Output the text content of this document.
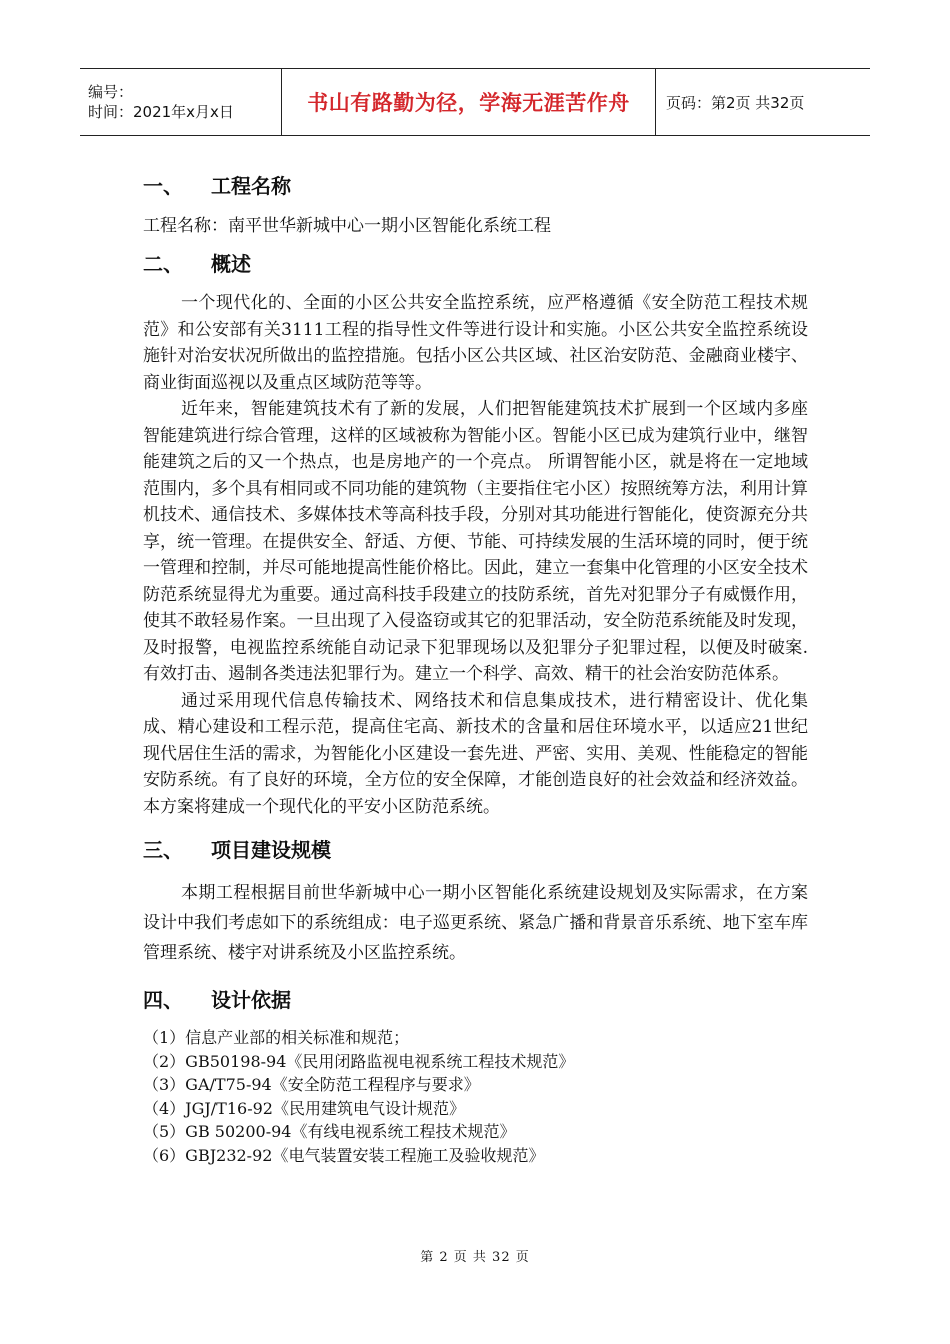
编号：
时间：2021年x月x日	书山有路勤为径，学海无涯苦作舟	页码：第2页 共32页
一、	工程名称

工程名称：南平世华新城中心一期小区智能化系统工程

二、	概述

一个现代化的、全面的小区公共安全监控系统，应严格遵循《安全防范工程技术规范》和公安部有关3111工程的指导性文件等进行设计和实施。小区公共安全监控系统设施针对治安状况所做出的监控措施。包括小区公共区域、社区治安防范、金融商业楼宇、商业街面巡视以及重点区域防范等等。

近年来，智能建筑技术有了新的发展，人们把智能建筑技术扩展到一个区域内多座智能建筑进行综合管理，这样的区域被称为智能小区。智能小区已成为建筑行业中，继智能建筑之后的又一个热点，也是房地产的一个亮点。 所谓智能小区，就是将在一定地域范围内，多个具有相同或不同功能的建筑物（主要指住宅小区）按照统筹方法，利用计算机技术、通信技术、多媒体技术等高科技手段，分别对其功能进行智能化，使资源充分共享，统一管理。在提供安全、舒适、方便、节能、可持续发展的生活环境的同时，便于统一管理和控制，并尽可能地提高性能价格比。因此，建立一套集中化管理的小区安全技术防范系统显得尤为重要。通过高科技手段建立的技防系统，首先对犯罪分子有威慑作用，使其不敢轻易作案。一旦出现了入侵盗窃或其它的犯罪活动，安全防范系统能及时发现，及时报警，电视监控系统能自动记录下犯罪现场以及犯罪分子犯罪过程，以便及时破案.有效打击、遏制各类违法犯罪行为。建立一个科学、高效、精干的社会治安防范体系。

通过采用现代信息传输技术、网络技术和信息集成技术，进行精密设计、优化集成、精心建设和工程示范，提高住宅高、新技术的含量和居住环境水平，以适应21世纪现代居住生活的需求，为智能化小区建设一套先进、严密、实用、美观、性能稳定的智能安防系统。有了良好的环境，全方位的安全保障，才能创造良好的社会效益和经济效益。本方案将建成一个现代化的平安小区防范系统。

三、	项目建设规模

本期工程根据目前世华新城中心一期小区智能化系统建设规划及实际需求，在方案设计中我们考虑如下的系统组成：电子巡更系统、紧急广播和背景音乐系统、地下室车库管理系统、楼宇对讲系统及小区监控系统。

四、	设计依据
（1）信息产业部的相关标准和规范；
（2）GB50198-94《民用闭路监视电视系统工程技术规范》
（3）GA/T75-94《安全防范工程程序与要求》
（4）JGJ/T16-92《民用建筑电气设计规范》
（5）GB 50200-94《有线电视系统工程技术规范》
（6）GBJ232-92《电气装置安装工程施工及验收规范》
第 2 页 共 32 页
